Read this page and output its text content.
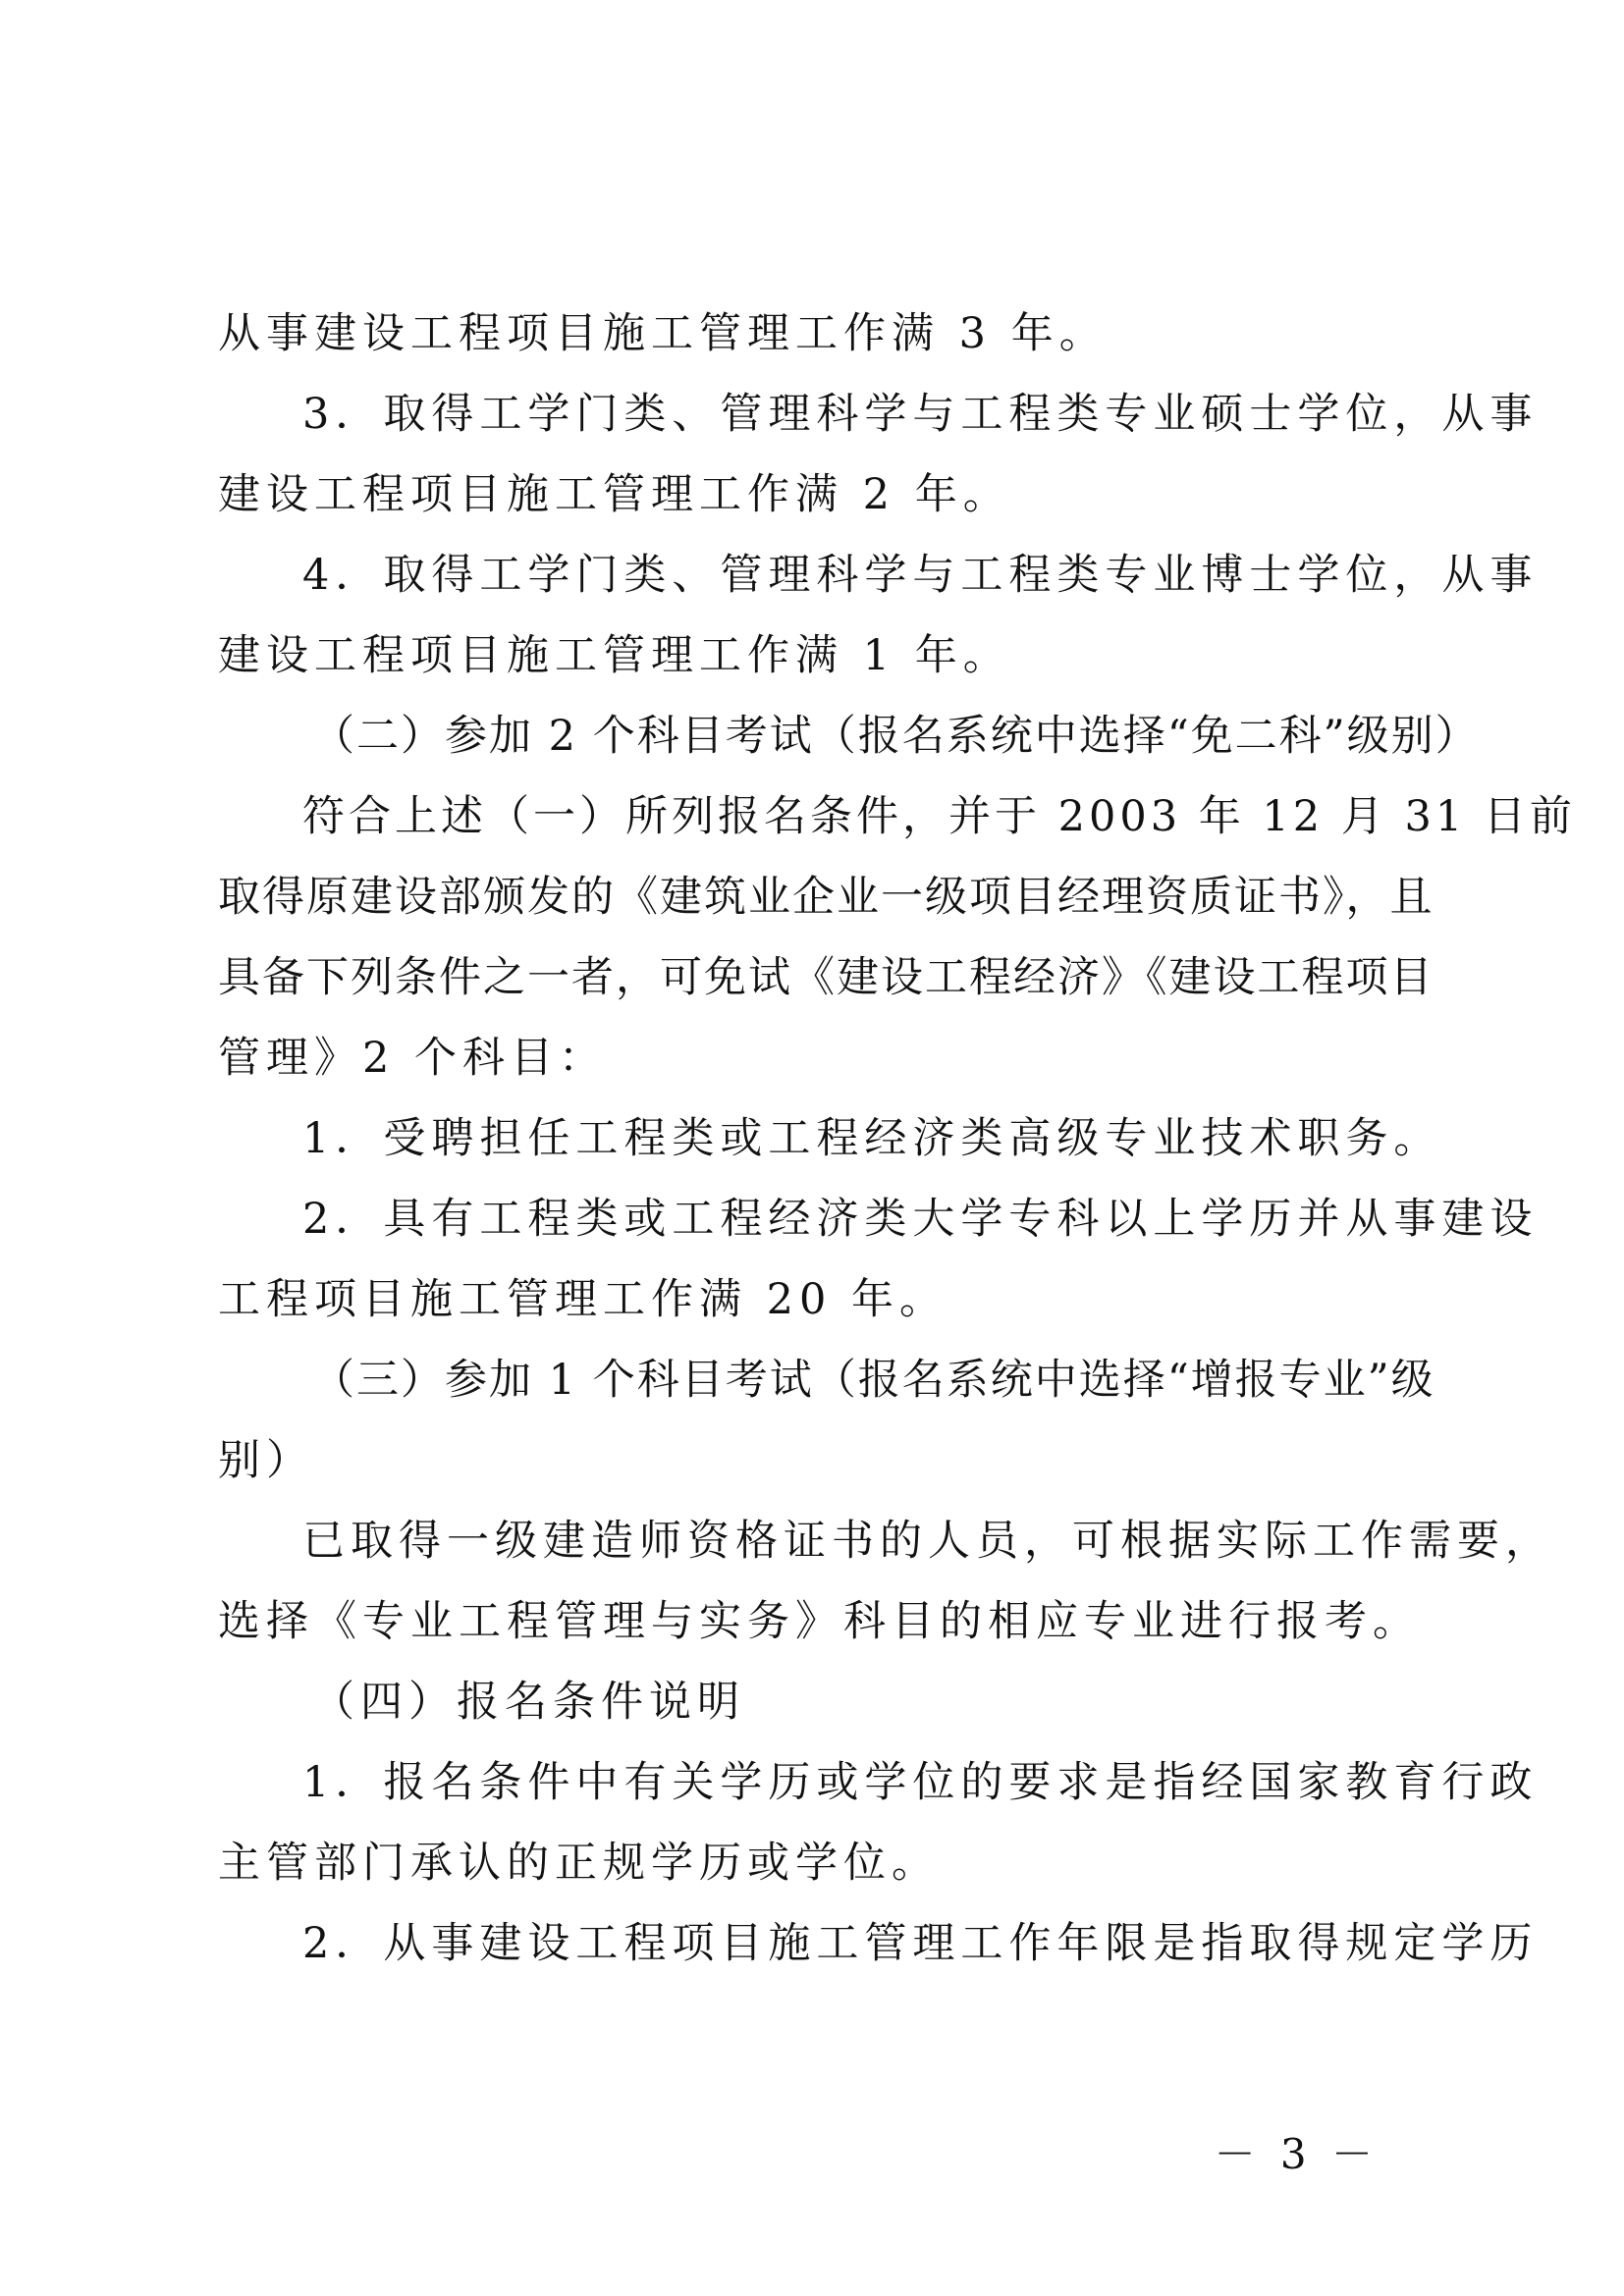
从事建设工程项目施工管理工作满 3 年。

3．取得工学门类、管理科学与工程类专业硕士学位，从事

建设工程项目施工管理工作满 2 年。

4．取得工学门类、管理科学与工程类专业博士学位，从事

建设工程项目施工管理工作满 1 年。

（二）参加 2 个科目考试（报名系统中选择“免二科”级别）

符合上述（一）所列报名条件，并于 2003 年 12 月 31 日前

取得原建设部颁发的《建筑业企业一级项目经理资质证书》，且

具备下列条件之一者，可免试《建设工程经济》《建设工程项目

管理》2 个科目：

1．受聘担任工程类或工程经济类高级专业技术职务。

2．具有工程类或工程经济类大学专科以上学历并从事建设

工程项目施工管理工作满 20 年。

（三）参加 1 个科目考试（报名系统中选择“增报专业”级

别）

已取得一级建造师资格证书的人员，可根据实际工作需要，

选择《专业工程管理与实务》科目的相应专业进行报考。

（四）报名条件说明

1．报名条件中有关学历或学位的要求是指经国家教育行政

主管部门承认的正规学历或学位。

2．从事建设工程项目施工管理工作年限是指取得规定学历

－ 3 －
